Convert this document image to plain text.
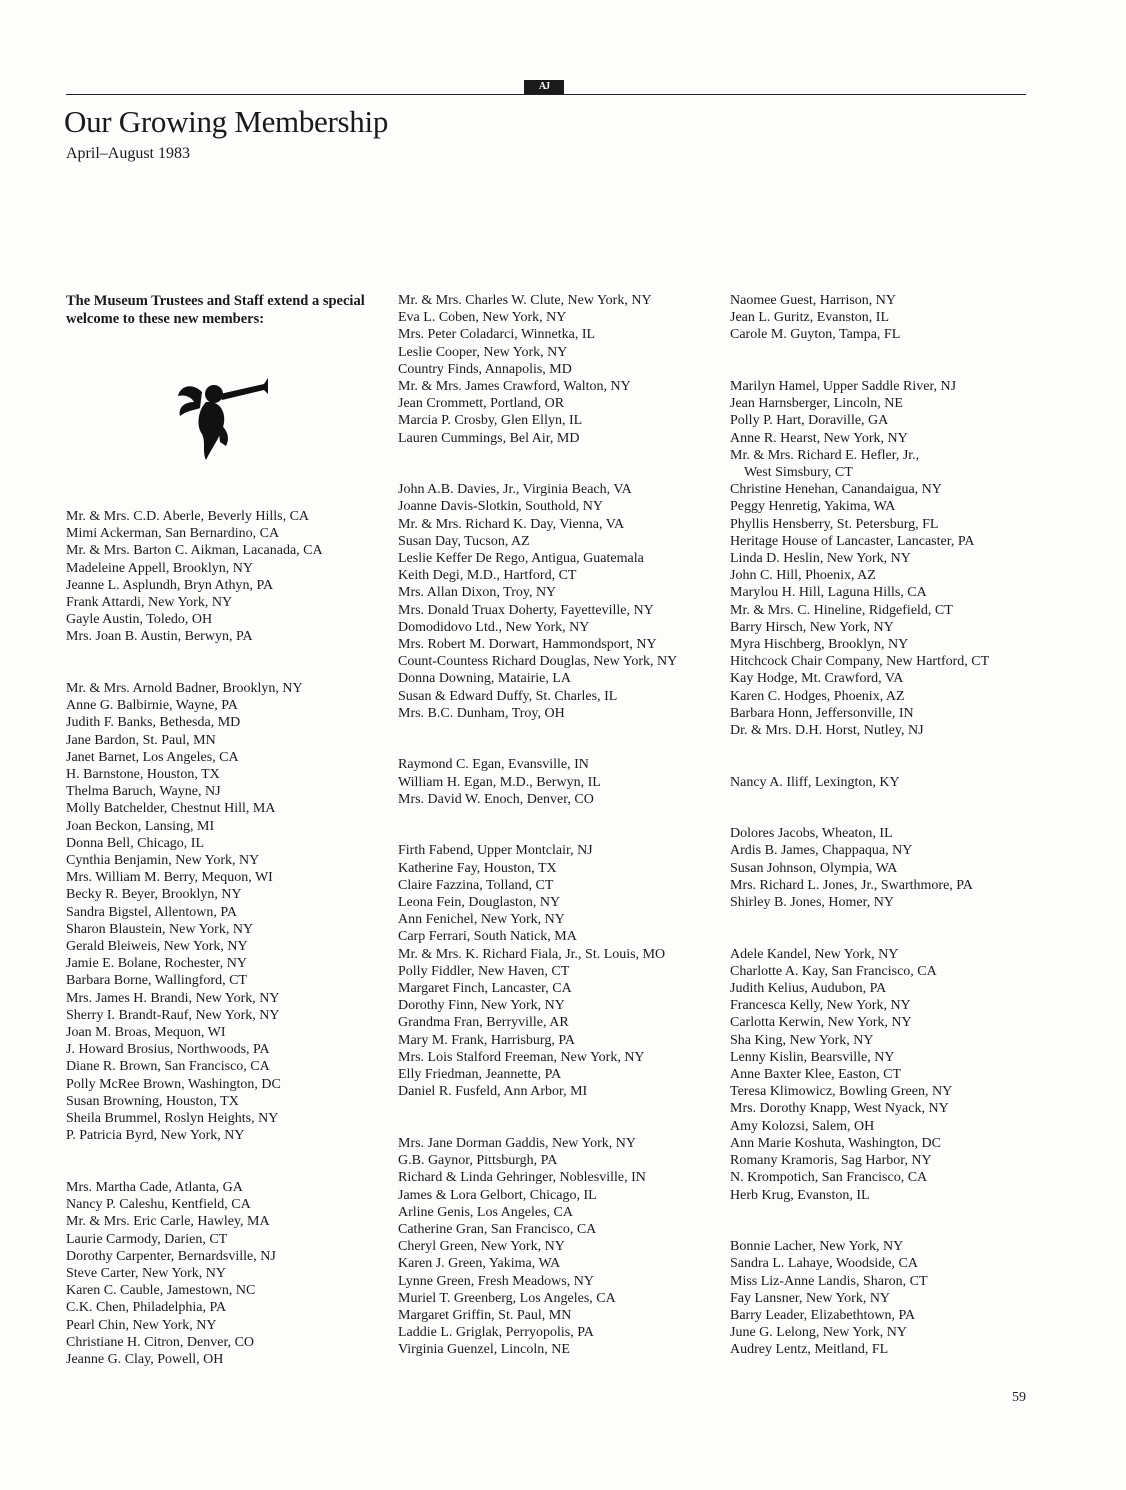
AJ
Our Growing Membership
April–August 1983
The Museum Trustees and Staff extend a special welcome to these new members:
Mr. & Mrs. C.D. Aberle, Beverly Hills, CA
Mimi Ackerman, San Bernardino, CA
Mr. & Mrs. Barton C. Aikman, Lacanada, CA
Madeleine Appell, Brooklyn, NY
Jeanne L. Asplundh, Bryn Athyn, PA
Frank Attardi, New York, NY
Gayle Austin, Toledo, OH
Mrs. Joan B. Austin, Berwyn, PA
Mr. & Mrs. Arnold Badner, Brooklyn, NY
Anne G. Balbirnie, Wayne, PA
Judith F. Banks, Bethesda, MD
Jane Bardon, St. Paul, MN
Janet Barnet, Los Angeles, CA
H. Barnstone, Houston, TX
Thelma Baruch, Wayne, NJ
Molly Batchelder, Chestnut Hill, MA
Joan Beckon, Lansing, MI
Donna Bell, Chicago, IL
Cynthia Benjamin, New York, NY
Mrs. William M. Berry, Mequon, WI
Becky R. Beyer, Brooklyn, NY
Sandra Bigstel, Allentown, PA
Sharon Blaustein, New York, NY
Gerald Bleiweis, New York, NY
Jamie E. Bolane, Rochester, NY
Barbara Borne, Wallingford, CT
Mrs. James H. Brandi, New York, NY
Sherry I. Brandt-Rauf, New York, NY
Joan M. Broas, Mequon, WI
J. Howard Brosius, Northwoods, PA
Diane R. Brown, San Francisco, CA
Polly McRee Brown, Washington, DC
Susan Browning, Houston, TX
Sheila Brummel, Roslyn Heights, NY
P. Patricia Byrd, New York, NY
Mrs. Martha Cade, Atlanta, GA
Nancy P. Caleshu, Kentfield, CA
Mr. & Mrs. Eric Carle, Hawley, MA
Laurie Carmody, Darien, CT
Dorothy Carpenter, Bernardsville, NJ
Steve Carter, New York, NY
Karen C. Cauble, Jamestown, NC
C.K. Chen, Philadelphia, PA
Pearl Chin, New York, NY
Christiane H. Citron, Denver, CO
Jeanne G. Clay, Powell, OH
Mr. & Mrs. Charles W. Clute, New York, NY
Eva L. Coben, New York, NY
Mrs. Peter Coladarci, Winnetka, IL
Leslie Cooper, New York, NY
Country Finds, Annapolis, MD
Mr. & Mrs. James Crawford, Walton, NY
Jean Crommett, Portland, OR
Marcia P. Crosby, Glen Ellyn, IL
Lauren Cummings, Bel Air, MD
John A.B. Davies, Jr., Virginia Beach, VA
Joanne Davis-Slotkin, Southold, NY
Mr. & Mrs. Richard K. Day, Vienna, VA
Susan Day, Tucson, AZ
Leslie Keffer De Rego, Antigua, Guatemala
Keith Degi, M.D., Hartford, CT
Mrs. Allan Dixon, Troy, NY
Mrs. Donald Truax Doherty, Fayetteville, NY
Domodidovo Ltd., New York, NY
Mrs. Robert M. Dorwart, Hammondsport, NY
Count-Countess Richard Douglas, New York, NY
Donna Downing, Matairie, LA
Susan & Edward Duffy, St. Charles, IL
Mrs. B.C. Dunham, Troy, OH
Raymond C. Egan, Evansville, IN
William H. Egan, M.D., Berwyn, IL
Mrs. David W. Enoch, Denver, CO
Firth Fabend, Upper Montclair, NJ
Katherine Fay, Houston, TX
Claire Fazzina, Tolland, CT
Leona Fein, Douglaston, NY
Ann Fenichel, New York, NY
Carp Ferrari, South Natick, MA
Mr. & Mrs. K. Richard Fiala, Jr., St. Louis, MO
Polly Fiddler, New Haven, CT
Margaret Finch, Lancaster, CA
Dorothy Finn, New York, NY
Grandma Fran, Berryville, AR
Mary M. Frank, Harrisburg, PA
Mrs. Lois Stalford Freeman, New York, NY
Elly Friedman, Jeannette, PA
Daniel R. Fusfeld, Ann Arbor, MI
Mrs. Jane Dorman Gaddis, New York, NY
G.B. Gaynor, Pittsburgh, PA
Richard & Linda Gehringer, Noblesville, IN
James & Lora Gelbort, Chicago, IL
Arline Genis, Los Angeles, CA
Catherine Gran, San Francisco, CA
Cheryl Green, New York, NY
Karen J. Green, Yakima, WA
Lynne Green, Fresh Meadows, NY
Muriel T. Greenberg, Los Angeles, CA
Margaret Griffin, St. Paul, MN
Laddie L. Griglak, Perryopolis, PA
Virginia Guenzel, Lincoln, NE
Naomee Guest, Harrison, NY
Jean L. Guritz, Evanston, IL
Carole M. Guyton, Tampa, FL
Marilyn Hamel, Upper Saddle River, NJ
Jean Harnsberger, Lincoln, NE
Polly P. Hart, Doraville, GA
Anne R. Hearst, New York, NY
Mr. & Mrs. Richard E. Hefler, Jr.,
West Simsbury, CT
Christine Henehan, Canandaigua, NY
Peggy Henretig, Yakima, WA
Phyllis Hensberry, St. Petersburg, FL
Heritage House of Lancaster, Lancaster, PA
Linda D. Heslin, New York, NY
John C. Hill, Phoenix, AZ
Marylou H. Hill, Laguna Hills, CA
Mr. & Mrs. C. Hineline, Ridgefield, CT
Barry Hirsch, New York, NY
Myra Hischberg, Brooklyn, NY
Hitchcock Chair Company, New Hartford, CT
Kay Hodge, Mt. Crawford, VA
Karen C. Hodges, Phoenix, AZ
Barbara Honn, Jeffersonville, IN
Dr. & Mrs. D.H. Horst, Nutley, NJ
Nancy A. Iliff, Lexington, KY
Dolores Jacobs, Wheaton, IL
Ardis B. James, Chappaqua, NY
Susan Johnson, Olympia, WA
Mrs. Richard L. Jones, Jr., Swarthmore, PA
Shirley B. Jones, Homer, NY
Adele Kandel, New York, NY
Charlotte A. Kay, San Francisco, CA
Judith Kelius, Audubon, PA
Francesca Kelly, New York, NY
Carlotta Kerwin, New York, NY
Sha King, New York, NY
Lenny Kislin, Bearsville, NY
Anne Baxter Klee, Easton, CT
Teresa Klimowicz, Bowling Green, NY
Mrs. Dorothy Knapp, West Nyack, NY
Amy Kolozsi, Salem, OH
Ann Marie Koshuta, Washington, DC
Romany Kramoris, Sag Harbor, NY
N. Krompotich, San Francisco, CA
Herb Krug, Evanston, IL
Bonnie Lacher, New York, NY
Sandra L. Lahaye, Woodside, CA
Miss Liz-Anne Landis, Sharon, CT
Fay Lansner, New York, NY
Barry Leader, Elizabethtown, PA
June G. Lelong, New York, NY
Audrey Lentz, Meitland, FL
59
